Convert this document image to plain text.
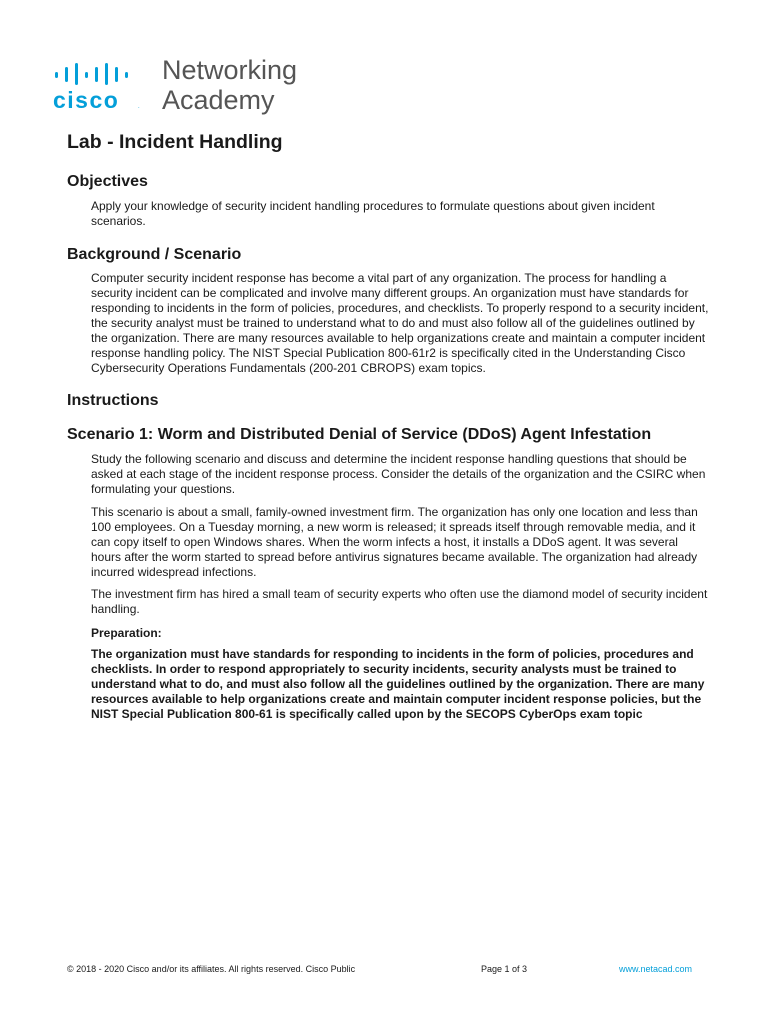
cisco	.
Networking
Academy
Lab - Incident Handling
Objectives
Apply your knowledge of security incident handling procedures to formulate questions about given incident scenarios.
Background / Scenario
Computer security incident response has become a vital part of any organization. The process for handling a security incident can be complicated and involve many different groups. An organization must have standards for responding to incidents in the form of policies, procedures, and checklists. To properly respond to a security incident, the security analyst must be trained to understand what to do and must also follow all of the guidelines outlined by the organization. There are many resources available to help organizations create and maintain a computer incident response handling policy. The NIST Special Publication 800-61r2 is specifically cited in the Understanding Cisco Cybersecurity Operations Fundamentals (200-201 CBROPS) exam topics.
Instructions
Scenario 1: Worm and Distributed Denial of Service (DDoS) Agent Infestation
Study the following scenario and discuss and determine the incident response handling questions that should be asked at each stage of the incident response process. Consider the details of the organization and the CSIRC when formulating your questions.
This scenario is about a small, family-owned investment firm. The organization has only one location and less than 100 employees. On a Tuesday morning, a new worm is released; it spreads itself through removable media, and it can copy itself to open Windows shares. When the worm infects a host, it installs a DDoS agent. It was several hours after the worm started to spread before antivirus signatures became available. The organization had already incurred widespread infections.
The investment firm has hired a small team of security experts who often use the diamond model of security incident handling.
Preparation:
The organization must have standards for responding to incidents in the form of policies, procedures and checklists. In order to respond appropriately to security incidents, security analysts must be trained to understand what to do, and must also follow all the guidelines outlined by the organization. There are many resources available to help organizations create and maintain computer incident response policies, but the NIST Special Publication 800-61 is specifically called upon by the SECOPS CyberOps exam topic
© 2018 - 2020 Cisco and/or its affiliates. All rights reserved. Cisco Public	Page 1 of 3	www.netacad.com
